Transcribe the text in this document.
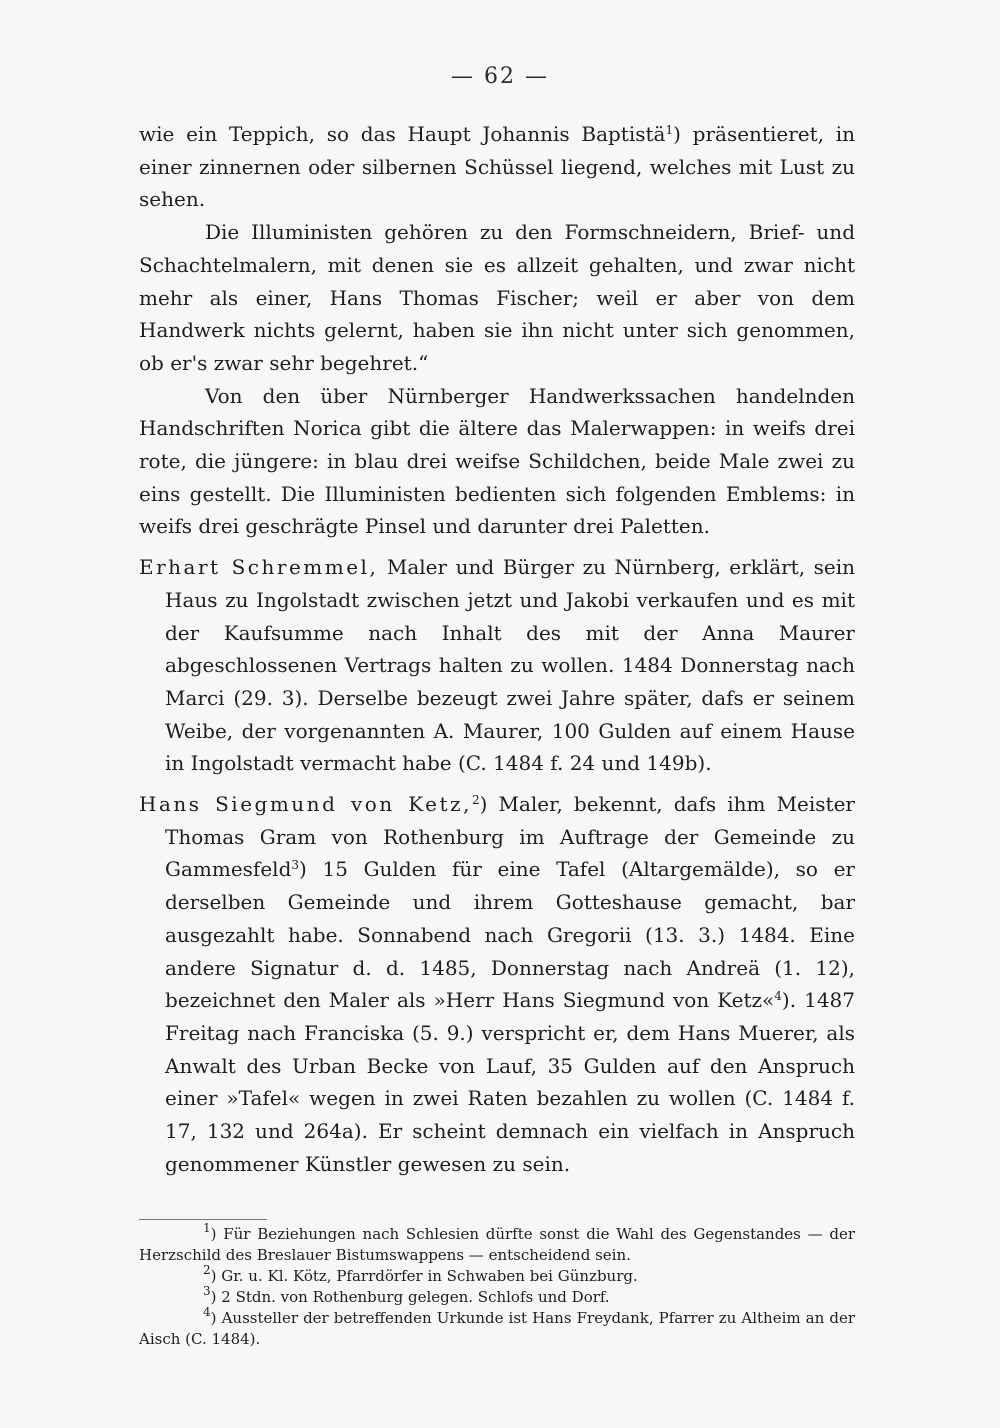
— 62 —

wie ein Teppich, so das Haupt Johannis Baptistä$^1$) präsentieret, in einer zinnernen oder silbernen Schüssel liegend, welches mit Lust zu sehen.

Die Illuministen gehören zu den Formschneidern, Brief- und Schachtelmalern, mit denen sie es allzeit gehalten, und zwar nicht mehr als einer, Hans Thomas Fischer; weil er aber von dem Handwerk nichts gelernt, haben sie ihn nicht unter sich genommen, ob er's zwar sehr begehret.“

Von den über Nürnberger Handwerkssachen handelnden Handschriften Norica gibt die ältere das Malerwappen: in weifs drei rote, die jüngere: in blau drei weifse Schildchen, beide Male zwei zu eins gestellt. Die Illuministen bedienten sich folgenden Emblems: in weifs drei geschrägte Pinsel und darunter drei Paletten.

Erhart Schremmel, Maler und Bürger zu Nürnberg, erklärt, sein Haus zu Ingolstadt zwischen jetzt und Jakobi verkaufen und es mit der Kaufsumme nach Inhalt des mit der Anna Maurer abgeschlossenen Vertrags halten zu wollen. 1484 Donnerstag nach Marci (29. 3). Derselbe bezeugt zwei Jahre später, dafs er seinem Weibe, der vorgenannten A. Maurer, 100 Gulden auf einem Hause in Ingolstadt vermacht habe (C. 1484 f. 24 und 149b).

Hans Siegmund von Ketz,$^2$) Maler, bekennt, dafs ihm Meister Thomas Gram von Rothenburg im Auftrage der Gemeinde zu Gammesfeld$^3$) 15 Gulden für eine Tafel (Altargemälde), so er derselben Gemeinde und ihrem Gotteshause gemacht, bar ausgezahlt habe. Sonnabend nach Gregorii (13. 3.) 1484. Eine andere Signatur d. d. 1485, Donnerstag nach Andreä (1. 12), bezeichnet den Maler als »Herr Hans Siegmund von Ketz«$^4$). 1487 Freitag nach Franciska (5. 9.) verspricht er, dem Hans Muerer, als Anwalt des Urban Becke von Lauf, 35 Gulden auf den Anspruch einer »Tafel« wegen in zwei Raten bezahlen zu wollen (C. 1484 f. 17, 132 und 264a). Er scheint demnach ein vielfach in Anspruch genommener Künstler gewesen zu sein.

$^1$) Für Beziehungen nach Schlesien dürfte sonst die Wahl des Gegenstandes — der Herzschild des Breslauer Bistumswappens — entscheidend sein.

$^2$) Gr. u. Kl. Kötz, Pfarrdörfer in Schwaben bei Günzburg.

$^3$) 2 Stdn. von Rothenburg gelegen. Schlofs und Dorf.

$^4$) Aussteller der betreffenden Urkunde ist Hans Freydank, Pfarrer zu Altheim an der Aisch (C. 1484).
